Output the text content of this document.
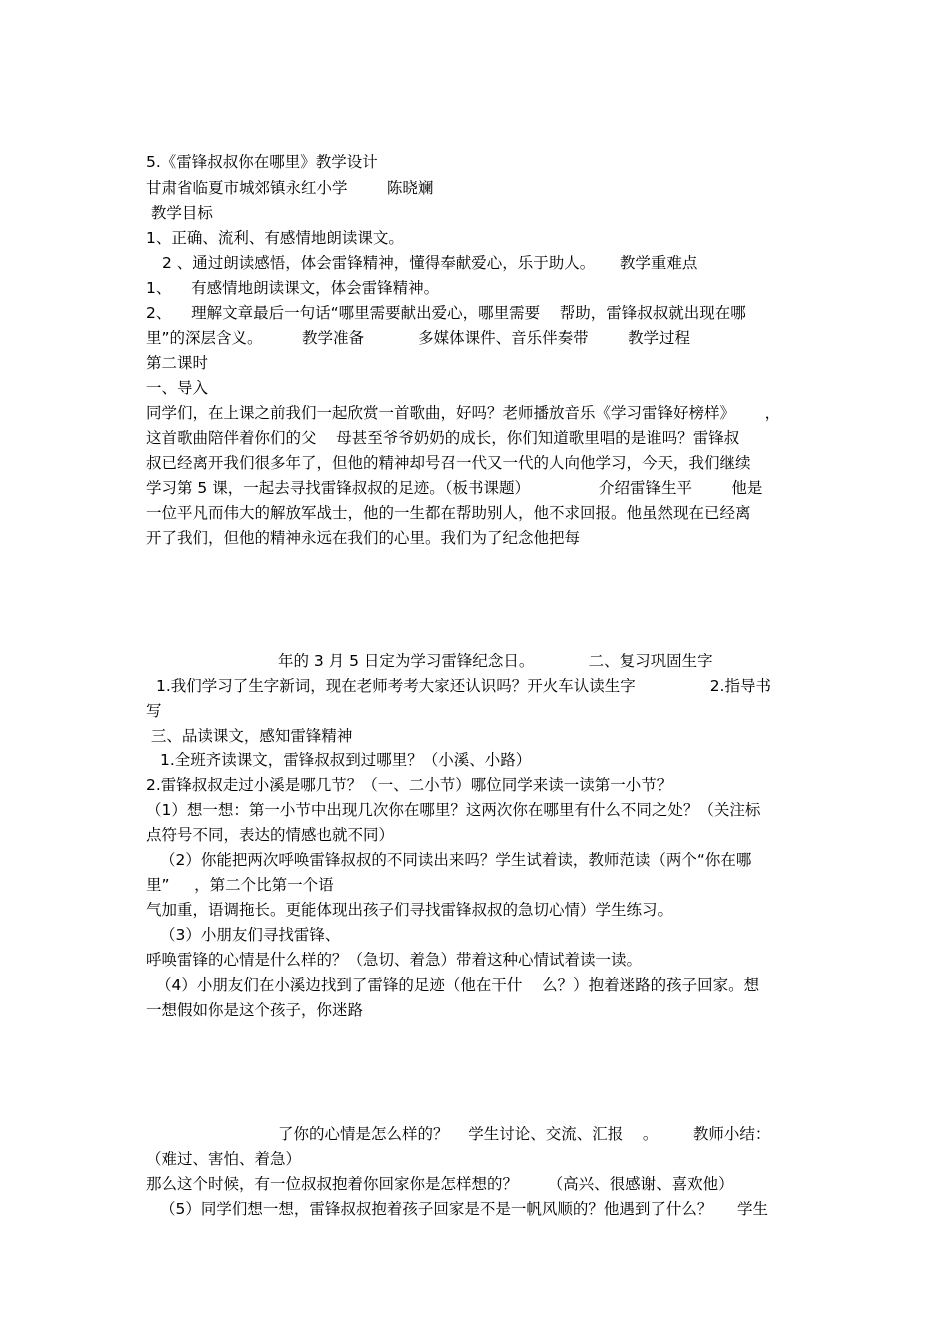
5.《雷锋叔叔你在哪里》教学设计
甘肃省临夏市城郊镇永红小学        陈晓斓
教学目标
1、正确、流利、有感情地朗读课文。
2 、通过朗读感悟，体会雷锋精神，懂得奉献爱心，乐于助人。     教学重难点
1、    有感情地朗读课文，体会雷锋精神。
2、    理解文章最后一句话“哪里需要献出爱心，哪里需要    帮助，雷锋叔叔就出现在哪
里”的深层含义。        教学准备           多媒体课件、音乐伴奏带        教学过程
第二课时
一、导入
同学们，在上课之前我们一起欣赏一首歌曲，好吗？老师播放音乐《学习雷锋好榜样》      ，
这首歌曲陪伴着你们的父    母甚至爷爷奶奶的成长，你们知道歌里唱的是谁吗？雷锋叔
叔已经离开我们很多年了，但他的精神却号召一代又一代的人向他学习，今天，我们继续
学习第 5 课，一起去寻找雷锋叔叔的足迹。（板书课题）              介绍雷锋生平        他是
一位平凡而伟大的解放军战士，他的一生都在帮助别人，他不求回报。他虽然现在已经离
开了我们，但他的精神永远在我们的心里。我们为了纪念他把每
年的 3 月 5 日定为学习雷锋纪念日。           二、复习巩固生字
1.我们学习了生字新词，现在老师考考大家还认识吗？开火车认读生字               2.指导书
写
三、品读课文，感知雷锋精神
1.全班齐读课文，雷锋叔叔到过哪里？（小溪、小路）
2.雷锋叔叔走过小溪是哪几节？（一、二小节）哪位同学来读一读第一小节？
（1）想一想：第一小节中出现几次你在哪里？这两次你在哪里有什么不同之处？（关注标
点符号不同，表达的情感也就不同）
（2）你能把两次呼唤雷锋叔叔的不同读出来吗？学生试着读，教师范读（两个“你在哪
里”     ，第二个比第一个语
气加重，语调拖长。更能体现出孩子们寻找雷锋叔叔的急切心情）学生练习。
（3）小朋友们寻找雷锋、
呼唤雷锋的心情是什么样的？（急切、着急）带着这种心情试着读一读。
（4）小朋友们在小溪边找到了雷锋的足迹（他在干什    么？）抱着迷路的孩子回家。想
一想假如你是这个孩子，你迷路
了你的心情是怎么样的？    学生讨论、交流、汇报    。       教师小结：
（难过、害怕、着急）
那么这个时候，有一位叔叔抱着你回家你是怎样想的？      （高兴、很感谢、喜欢他）
（5）同学们想一想，雷锋叔叔抱着孩子回家是不是一帆风顺的？他遇到了什么？     学生
